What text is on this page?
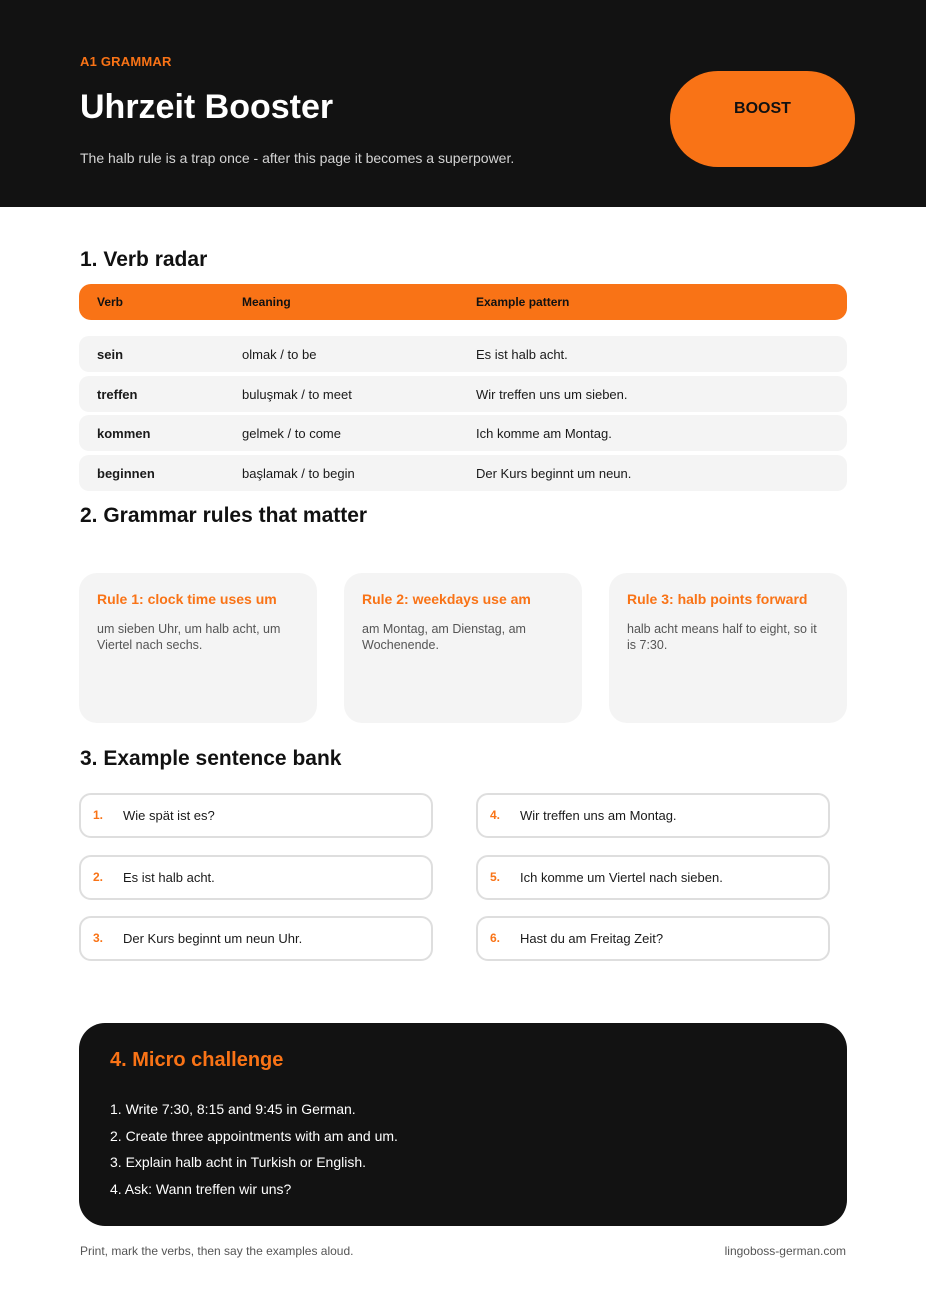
A1 GRAMMAR
Uhrzeit Booster
The halb rule is a trap once - after this page it becomes a superpower.
BOOST
1. Verb radar
Verb	Meaning	Example pattern
sein	olmak / to be	Es ist halb acht.
treffen	buluşmak / to meet	Wir treffen uns um sieben.
kommen	gelmek / to come	Ich komme am Montag.
beginnen	başlamak / to begin	Der Kurs beginnt um neun.
2. Grammar rules that matter
Rule 1: clock time uses um
um sieben Uhr, um halb acht, um Viertel nach sechs.
Rule 2: weekdays use am
am Montag, am Dienstag, am Wochenende.
Rule 3: halb points forward
halb acht means half to eight, so it is 7:30.
3. Example sentence bank
1. Wie spät ist es?
2. Es ist halb acht.
3. Der Kurs beginnt um neun Uhr.
4. Wir treffen uns am Montag.
5. Ich komme um Viertel nach sieben.
6. Hast du am Freitag Zeit?
4. Micro challenge
1. Write 7:30, 8:15 and 9:45 in German.
2. Create three appointments with am and um.
3. Explain halb acht in Turkish or English.
4. Ask: Wann treffen wir uns?
Print, mark the verbs, then say the examples aloud.	lingoboss-german.com
